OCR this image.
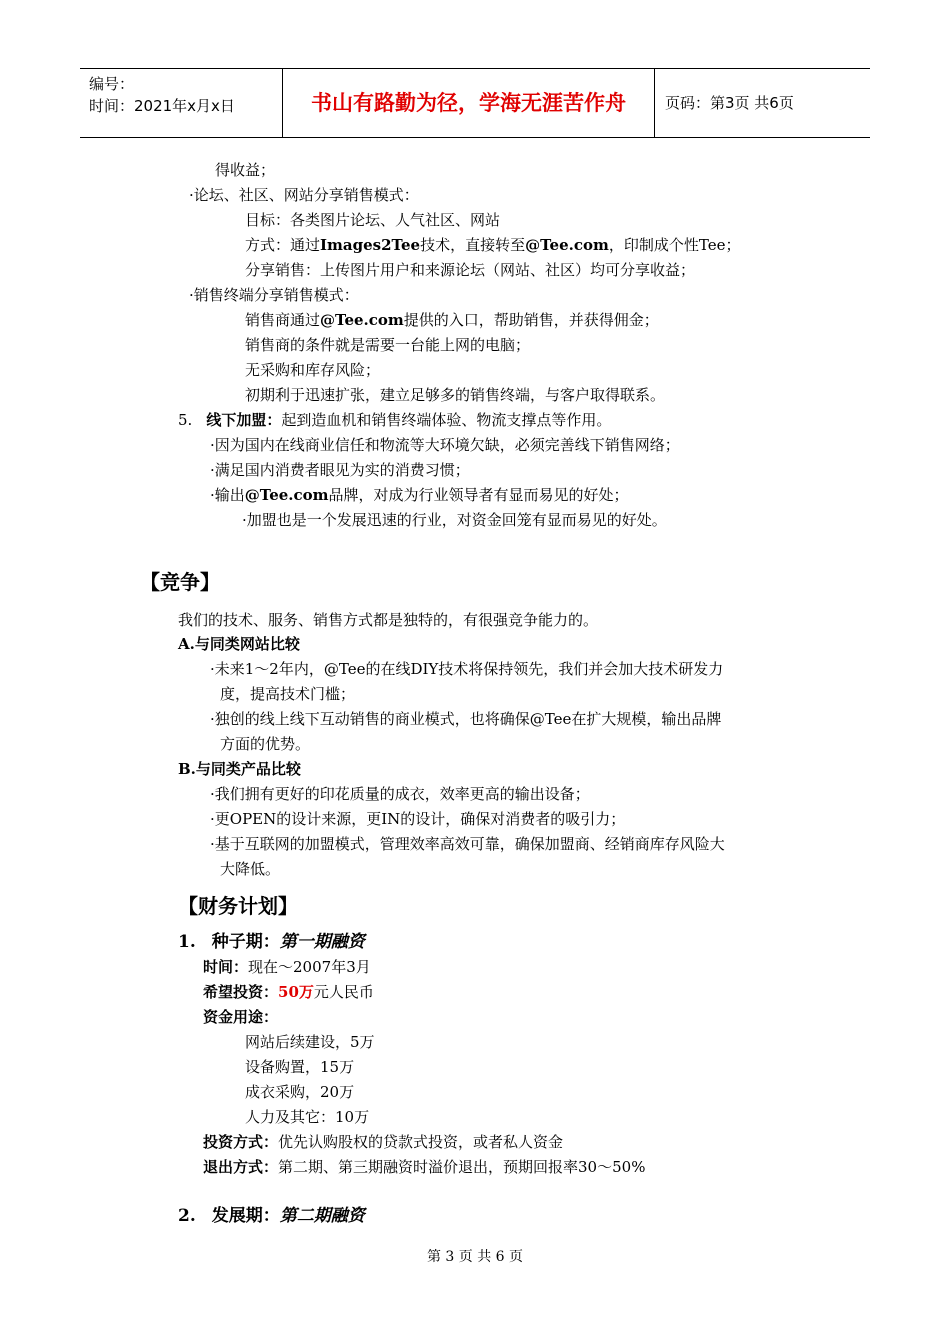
编号：
时间：2021年x月x日	书山有路勤为径，学海无涯苦作舟	页码：第3页 共6页
得收益；
·论坛、社区、网站分享销售模式：
目标：各类图片论坛、人气社区、网站
方式：通过Images2Tee技术，直接转至@Tee.com，印制成个性Tee；
分享销售：上传图片用户和来源论坛（网站、社区）均可分享收益；
·销售终端分享销售模式：
销售商通过@Tee.com提供的入口，帮助销售，并获得佣金；
销售商的条件就是需要一台能上网的电脑；
无采购和库存风险；
初期利于迅速扩张，建立足够多的销售终端，与客户取得联系。
5. 线下加盟：起到造血机和销售终端体验、物流支撑点等作用。
·因为国内在线商业信任和物流等大环境欠缺，必须完善线下销售网络；
·满足国内消费者眼见为实的消费习惯；
·输出@Tee.com品牌，对成为行业领导者有显而易见的好处；
·加盟也是一个发展迅速的行业，对资金回笼有显而易见的好处。
【竞争】
我们的技术、服务、销售方式都是独特的，有很强竞争能力的。
A.与同类网站比较
·未来1～2年内，@Tee的在线DIY技术将保持领先，我们并会加大技术研发力
度，提高技术门槛；
·独创的线上线下互动销售的商业模式，也将确保@Tee在扩大规模，输出品牌
方面的优势。
B.与同类产品比较
·我们拥有更好的印花质量的成衣，效率更高的输出设备；
·更OPEN的设计来源，更IN的设计，确保对消费者的吸引力；
·基于互联网的加盟模式，管理效率高效可靠，确保加盟商、经销商库存风险大
大降低。
【财务计划】
1. 种子期：第一期融资
时间：现在～2007年3月
希望投资：50万元人民币
资金用途：
网站后续建设，5万
设备购置，15万
成衣采购，20万
人力及其它：10万
投资方式：优先认购股权的贷款式投资，或者私人资金
退出方式：第二期、第三期融资时溢价退出，预期回报率30～50%
2. 发展期：第二期融资
第 3 页 共 6 页
